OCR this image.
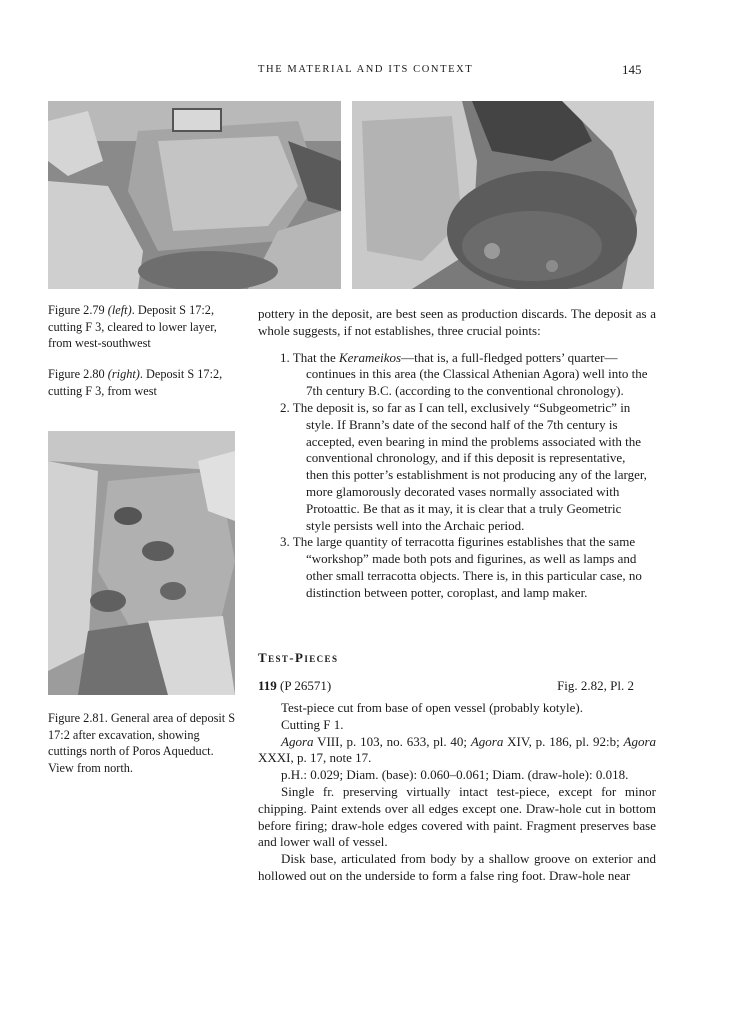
THE MATERIAL AND ITS CONTEXT	145
Figure 2.79 (left). Deposit S 17:2, cutting F 3, cleared to lower layer, from west-southwest
Figure 2.80 (right). Deposit S 17:2, cutting F 3, from west
Figure 2.81. General area of deposit S 17:2 after excavation, showing cuttings north of Poros Aqueduct. View from north.

pottery in the deposit, are best seen as production discards. The deposit as a whole suggests, if not establishes, three crucial points:

1. That the Kerameikos—that is, a full-fledged potters’ quarter—continues in this area (the Classical Athenian Agora) well into the 7th century B.C. (according to the conventional chronology).
2. The deposit is, so far as I can tell, exclusively “Subgeometric” in style. If Brann’s date of the second half of the 7th century is accepted, even bearing in mind the problems associated with the conventional chronology, and if this deposit is representative, then this potter’s establishment is not producing any of the larger, more glamorously decorated vases normally associated with Protoattic. Be that as it may, it is clear that a truly Geometric style persists well into the Archaic period.
3. The large quantity of terracotta figurines establishes that the same “workshop” made both pots and figurines, as well as lamps and other small terracotta objects. There is, in this particular case, no distinction between potter, coroplast, and lamp maker.
Test-Pieces
119 (P 26571)	Fig. 2.82, Pl. 2

Test-piece cut from base of open vessel (probably kotyle).

Cutting F 1.

Agora VIII, p. 103, no. 633, pl. 40; Agora XIV, p. 186, pl. 92:b; Agora XXXI, p. 17, note 17.

p.H.: 0.029; Diam. (base): 0.060–0.061; Diam. (draw-hole): 0.018.

Single fr. preserving virtually intact test-piece, except for minor chipping. Paint extends over all edges except one. Draw-hole cut in bottom before firing; draw-hole edges covered with paint. Fragment preserves base and lower wall of vessel.

Disk base, articulated from body by a shallow groove on exterior and hollowed out on the underside to form a false ring foot. Draw-hole near
